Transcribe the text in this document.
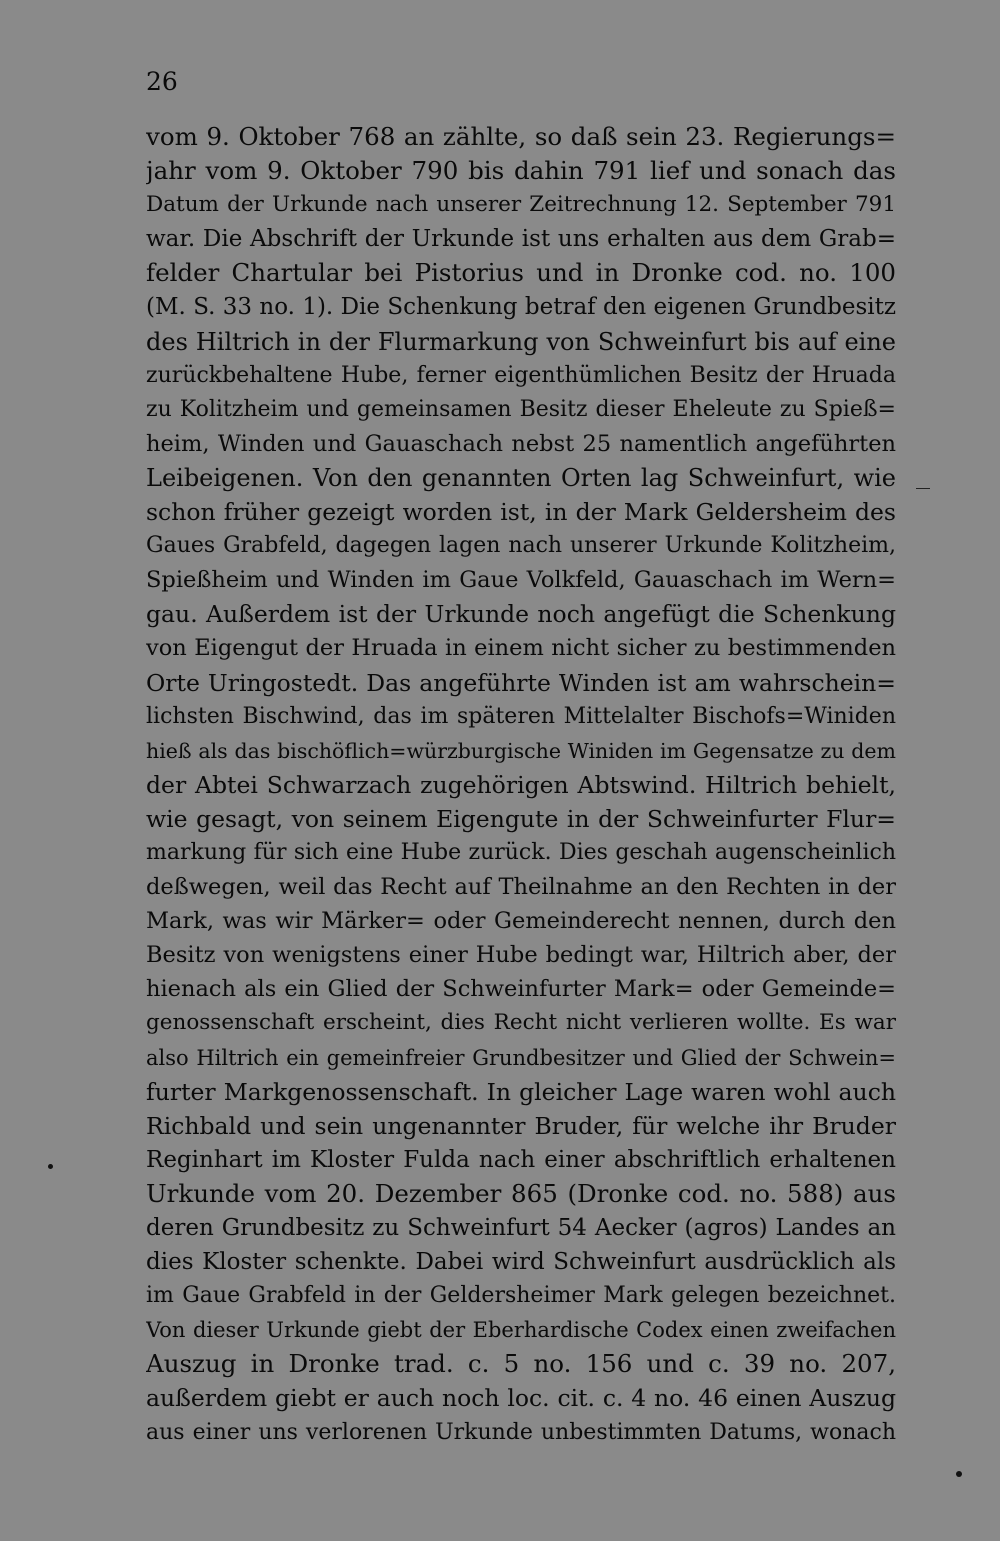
26
vom 9. Oktober 768 an zählte, so daß sein 23. Regierungs=
jahr vom 9. Oktober 790 bis dahin 791 lief und sonach das
Datum der Urkunde nach unserer Zeitrechnung 12. September 791
war. Die Abschrift der Urkunde ist uns erhalten aus dem Grab=
felder Chartular bei Pistorius und in Dronke cod. no. 100
(M. S. 33 no. 1). Die Schenkung betraf den eigenen Grundbesitz
des Hiltrich in der Flurmarkung von Schweinfurt bis auf eine
zurückbehaltene Hube, ferner eigenthümlichen Besitz der Hruada
zu Kolitzheim und gemeinsamen Besitz dieser Eheleute zu Spieß=
heim, Winden und Gauaschach nebst 25 namentlich angeführten
Leibeigenen. Von den genannten Orten lag Schweinfurt, wie
schon früher gezeigt worden ist, in der Mark Geldersheim des
Gaues Grabfeld, dagegen lagen nach unserer Urkunde Kolitzheim,
Spießheim und Winden im Gaue Volkfeld, Gauaschach im Wern=
gau. Außerdem ist der Urkunde noch angefügt die Schenkung
von Eigengut der Hruada in einem nicht sicher zu bestimmenden
Orte Uringostedt. Das angeführte Winden ist am wahrschein=
lichsten Bischwind, das im späteren Mittelalter Bischofs=Winiden
hieß als das bischöflich=würzburgische Winiden im Gegensatze zu dem
der Abtei Schwarzach zugehörigen Abtswind. Hiltrich behielt,
wie gesagt, von seinem Eigengute in der Schweinfurter Flur=
markung für sich eine Hube zurück. Dies geschah augenscheinlich
deßwegen, weil das Recht auf Theilnahme an den Rechten in der
Mark, was wir Märker= oder Gemeinderecht nennen, durch den
Besitz von wenigstens einer Hube bedingt war, Hiltrich aber, der
hienach als ein Glied der Schweinfurter Mark= oder Gemeinde=
genossenschaft erscheint, dies Recht nicht verlieren wollte. Es war
also Hiltrich ein gemeinfreier Grundbesitzer und Glied der Schwein=
furter Markgenossenschaft. In gleicher Lage waren wohl auch
Richbald und sein ungenannter Bruder, für welche ihr Bruder
Reginhart im Kloster Fulda nach einer abschriftlich erhaltenen
Urkunde vom 20. Dezember 865 (Dronke cod. no. 588) aus
deren Grundbesitz zu Schweinfurt 54 Aecker (agros) Landes an
dies Kloster schenkte. Dabei wird Schweinfurt ausdrücklich als
im Gaue Grabfeld in der Geldersheimer Mark gelegen bezeichnet.
Von dieser Urkunde giebt der Eberhardische Codex einen zweifachen
Auszug in Dronke trad. c. 5 no. 156 und c. 39 no. 207,
außerdem giebt er auch noch loc. cit. c. 4 no. 46 einen Auszug
aus einer uns verlorenen Urkunde unbestimmten Datums, wonach
